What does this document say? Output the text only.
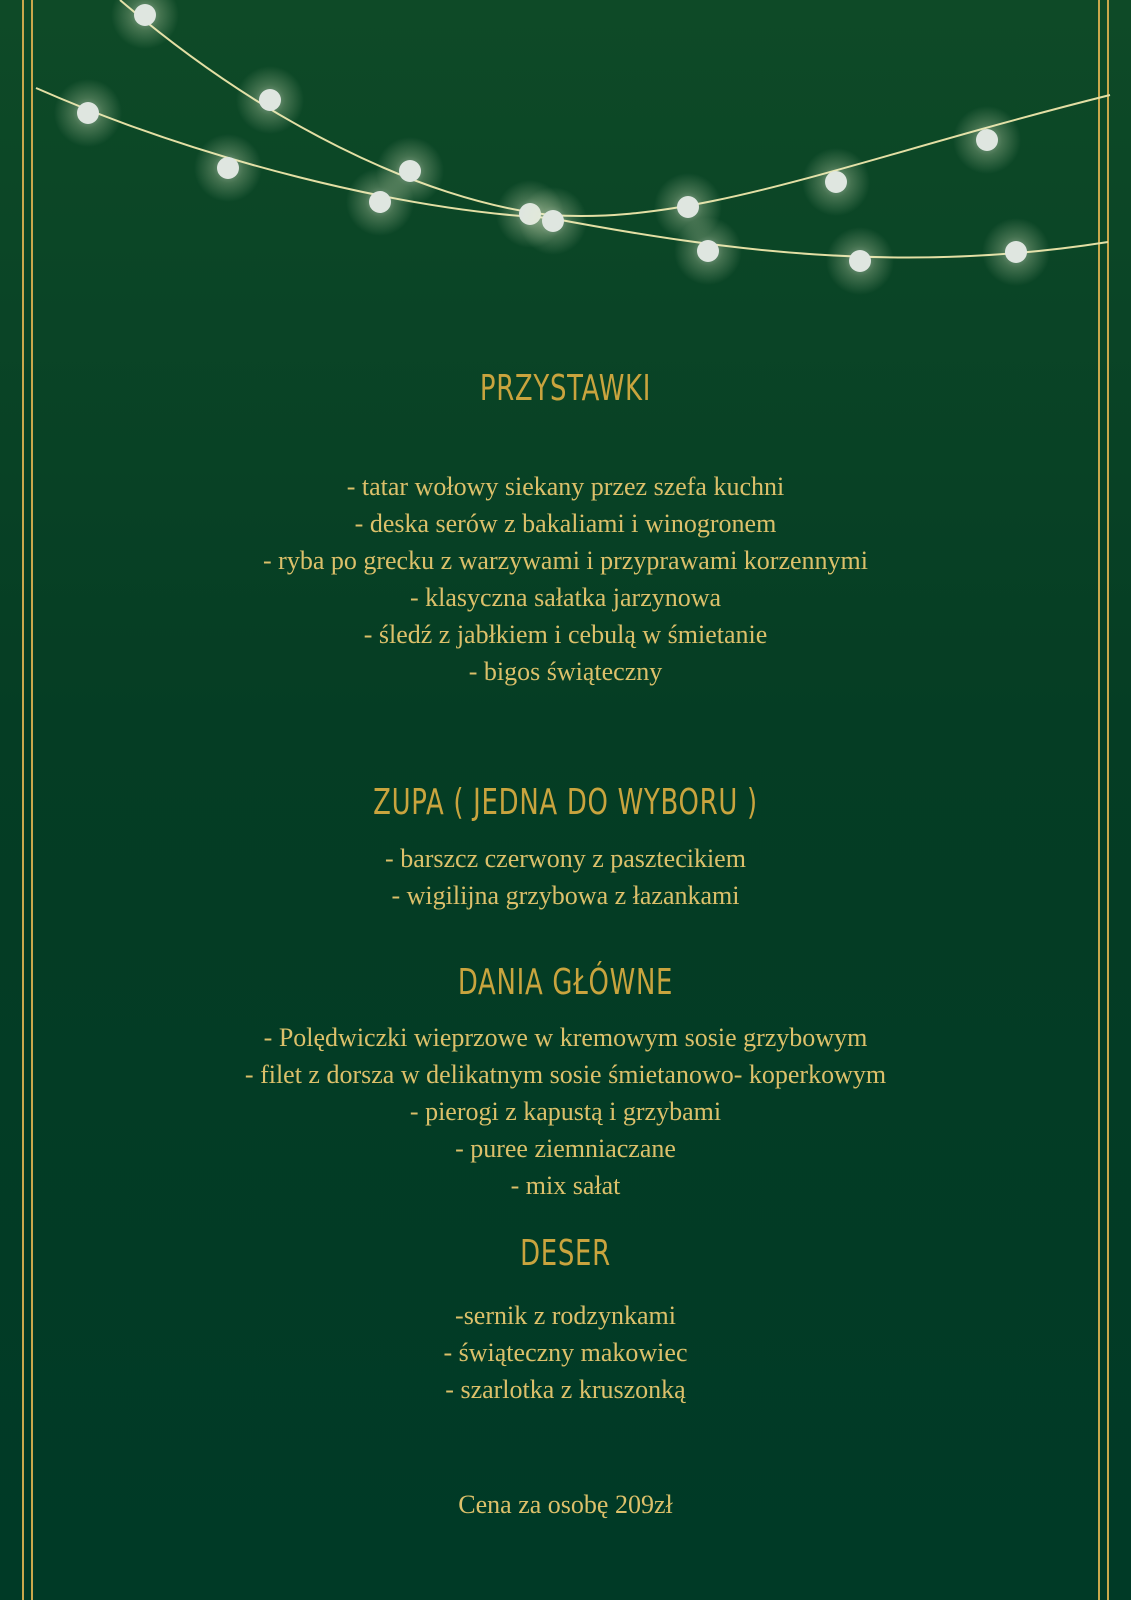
PRZYSTAWKI
- tatar wołowy siekany przez szefa kuchni
- deska serów z bakaliami i winogronem
- ryba po grecku z warzywami i przyprawami korzennymi
- klasyczna sałatka jarzynowa
- śledź z jabłkiem i cebulą w śmietanie
- bigos świąteczny
ZUPA ( JEDNA DO WYBORU )
- barszcz czerwony z pasztecikiem
- wigilijna grzybowa z łazankami
DANIA GŁÓWNE
- Polędwiczki wieprzowe w kremowym sosie grzybowym
- filet z dorsza w delikatnym sosie śmietanowo- koperkowym
- pierogi z kapustą i grzybami
- puree ziemniaczane
- mix sałat
DESER
-sernik z rodzynkami
- świąteczny makowiec
- szarlotka z kruszonką

Cena za osobę 209zł
